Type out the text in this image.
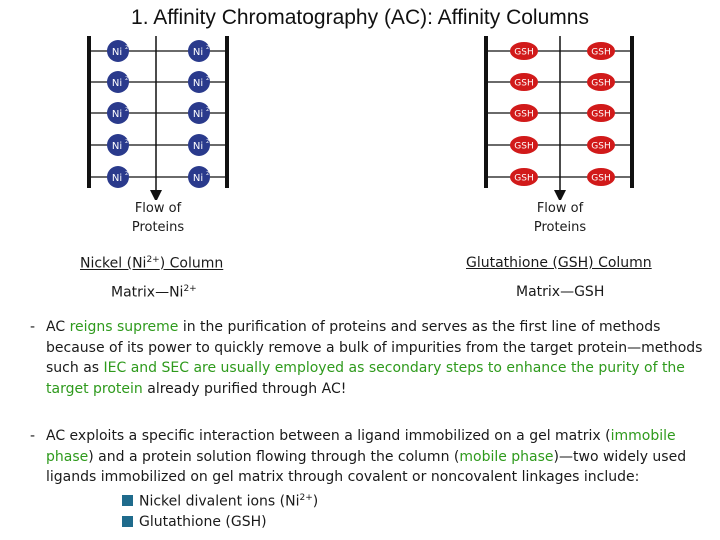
1. Affinity Chromatography (AC): Affinity Columns
Ni 2+	Ni 2+
Ni 2+	Ni 2+
Ni 2+	Ni 2+
Ni 2+	Ni 2+
Ni 2+	Ni 2+
GSH	GSH
GSH	GSH
GSH	GSH
GSH	GSH
GSH	GSH
Flow of
Proteins
Flow of
Proteins
Nickel $(Ni^{2+})$ Column	Glutathione (GSH) Column
$Matrix—Ni^{2+}$	Matrix—GSH
- AC reigns supreme in the purification of proteins and serves as the first line of methods because of its power to quickly remove a bulk of impurities from the target protein—methods such as IEC and SEC are usually employed as secondary steps to enhance the purity of the target protein already purified through AC!
- AC exploits a specific interaction between a ligand immobilized on a gel matrix (immobile phase) and a protein solution flowing through the column (mobile phase)—two widely used ligands immobilized on gel matrix through covalent or noncovalent linkages include:
Nickel divalent ions $(Ni^{2+})$
Glutathione (GSH)
